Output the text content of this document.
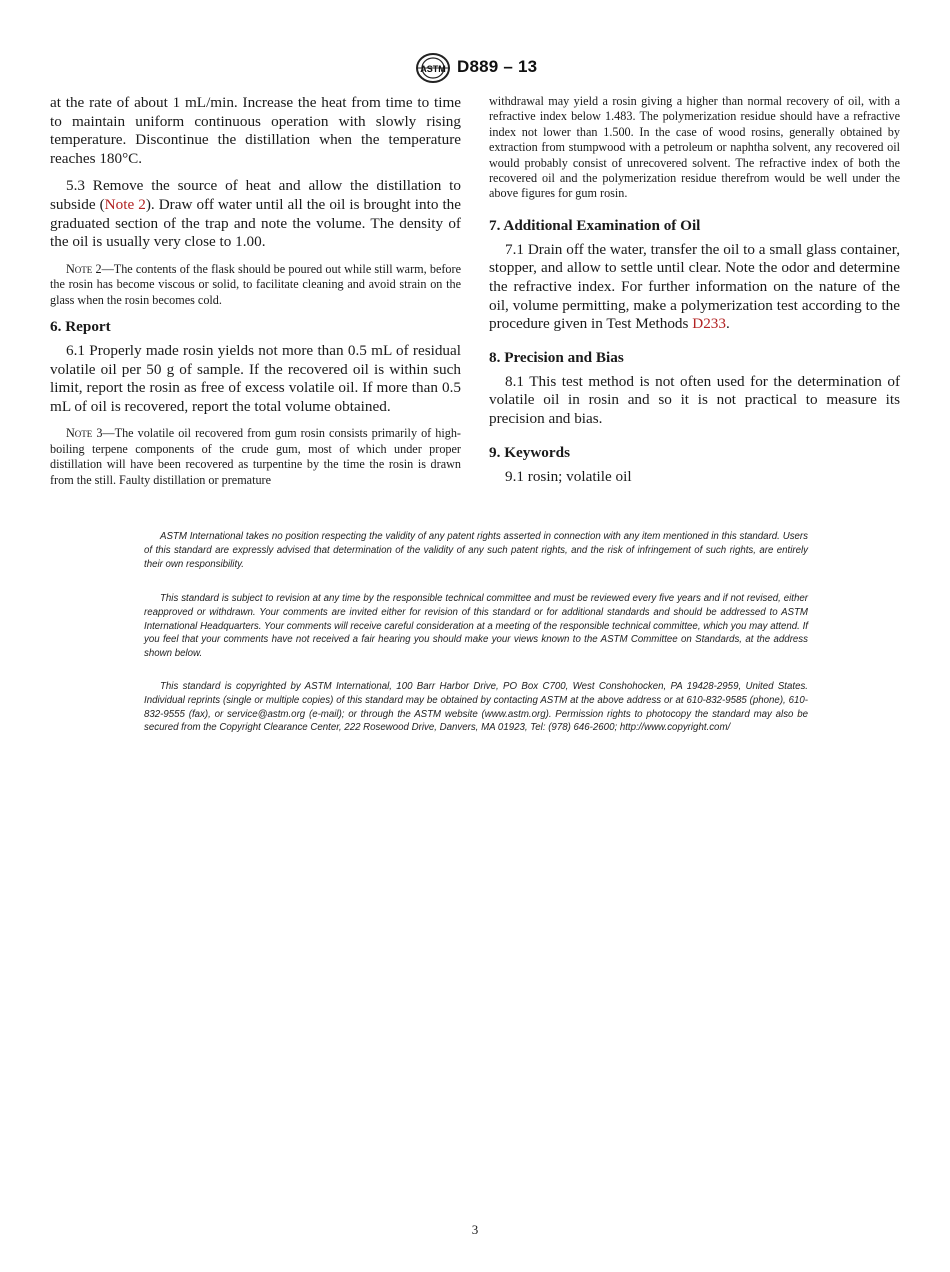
ASTM D889 – 13

at the rate of about 1 mL/min. Increase the heat from time to time to maintain uniform continuous operation with slowly rising temperature. Discontinue the distillation when the temperature reaches 180°C.

5.3 Remove the source of heat and allow the distillation to subside (Note 2). Draw off water until all the oil is brought into the graduated section of the trap and note the volume. The density of the oil is usually very close to 1.00.

Note 2—The contents of the flask should be poured out while still warm, before the rosin has become viscous or solid, to facilitate cleaning and avoid strain on the glass when the rosin becomes cold.

6. Report

6.1 Properly made rosin yields not more than 0.5 mL of residual volatile oil per 50 g of sample. If the recovered oil is within such limit, report the rosin as free of excess volatile oil. If more than 0.5 mL of oil is recovered, report the total volume obtained.

Note 3—The volatile oil recovered from gum rosin consists primarily of high-boiling terpene components of the crude gum, most of which under proper distillation will have been recovered as turpentine by the time the rosin is drawn from the still. Faulty distillation or premature

withdrawal may yield a rosin giving a higher than normal recovery of oil, with a refractive index below 1.483. The polymerization residue should have a refractive index not lower than 1.500. In the case of wood rosins, generally obtained by extraction from stumpwood with a petroleum or naphtha solvent, any recovered oil would probably consist of unrecovered solvent. The refractive index of both the recovered oil and the polymerization residue therefrom would be well under the above figures for gum rosin.

7. Additional Examination of Oil

7.1 Drain off the water, transfer the oil to a small glass container, stopper, and allow to settle until clear. Note the odor and determine the refractive index. For further information on the nature of the oil, volume permitting, make a polymerization test according to the procedure given in Test Methods D233.

8. Precision and Bias

8.1 This test method is not often used for the determination of volatile oil in rosin and so it is not practical to measure its precision and bias.

9. Keywords

9.1 rosin; volatile oil

ASTM International takes no position respecting the validity of any patent rights asserted in connection with any item mentioned in this standard. Users of this standard are expressly advised that determination of the validity of any such patent rights, and the risk of infringement of such rights, are entirely their own responsibility.

This standard is subject to revision at any time by the responsible technical committee and must be reviewed every five years and if not revised, either reapproved or withdrawn. Your comments are invited either for revision of this standard or for additional standards and should be addressed to ASTM International Headquarters. Your comments will receive careful consideration at a meeting of the responsible technical committee, which you may attend. If you feel that your comments have not received a fair hearing you should make your views known to the ASTM Committee on Standards, at the address shown below.

This standard is copyrighted by ASTM International, 100 Barr Harbor Drive, PO Box C700, West Conshohocken, PA 19428-2959, United States. Individual reprints (single or multiple copies) of this standard may be obtained by contacting ASTM at the above address or at 610-832-9585 (phone), 610-832-9555 (fax), or service@astm.org (e-mail); or through the ASTM website (www.astm.org). Permission rights to photocopy the standard may also be secured from the Copyright Clearance Center, 222 Rosewood Drive, Danvers, MA 01923, Tel: (978) 646-2600; http://www.copyright.com/

3
